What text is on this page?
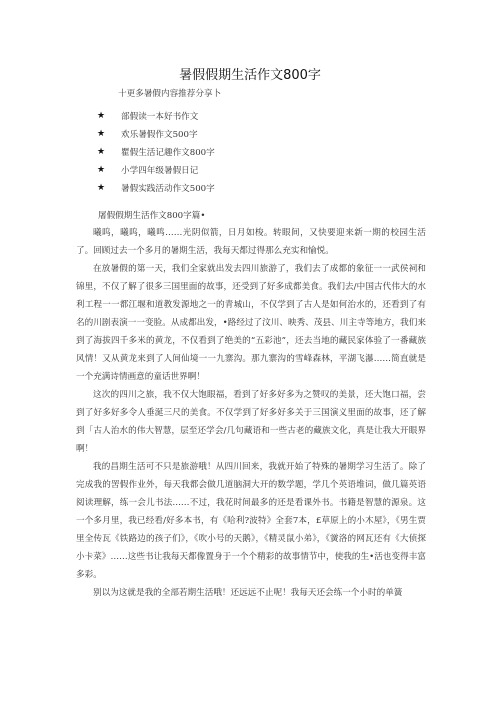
暑假假期生活作文800字
十更多暑假内容推荐分享卜
★	部假读一本好书作文
★	欢乐暑假作文500字
★	瞿假生活记趣作文800字
★	小学四年级暑假日记
★	暑假实践活动作文500字
屠假假期生活作文800字篇•

曦呜，曦呜，曦鸣……光阴似箭，日月如梭。转眼间，又快要迎来新一期的校园生活了。回顾过去一个多月的暑期生活，我每天都过得那么充实和愉悦。

在放暑假的第一天，我们全家就出发去四川旅游了，我们去了成都的象征一一武侯祠和锦里，不仅了解了很多三国里面的故事，还受到了好多成都美食。我们去/中国古代伟大的水利工程一一都江堰和道教发源地之一的青城山，不仅学到了古人是如何治水的，还看到了有名的川剧表演一一变脸。从成都出发，•路经过了汶川、映秀、茂县、川主寺等地方，我们来到了海拔四千多米的黄龙，不仅看到了绝美的“五彩池”，还去当地的藏民家体验了一番藏族风情！又从黄龙来到了人间仙境一一九寨沟。那九寨沟的雪峰森林，平湖飞瀑……简直就是一个充满诗情画意的童话世界啊！

这次的四川之旅，我不仅大饱眼福，看到了好多好多为之赞叹的美景，还大饱口福，尝到了好多好多令人垂涎三尺的美食。不仅学到了好多好多关于三国演义里面的故事，还了解到「古人治水的伟大智慧，层至还学会/几句藏语和一些古老的藏族文化，真是让我大开眼界啊！

我的昌期生活可不只是旅游哦！从四川回来，我就开始了特殊的暑期学习生活了。除了完成我的罟假作业外，每天我都会做几道脑洞大开的数学题，学几个英语堆词，做几篇英语阅读理解，练一会儿书法……不过，我花时间最多的还是看课外书。书籍是智慧的源泉。这一个多月里，我已经看/好多本书，有《哈利?波特》全套7本，£草原上的小木屋》，《男生贾里全传瓦《铁路边的孩子们》，《吹小号的天鹅》，《精灵鼠小弟》，《黉洛的网瓦还有《大侦探小卡菜》……这些书让我每天都像置身于一个个精彩的故事情节中，使我的生•活也变得丰富多彩。

别以为这就是我的全部若期生活哦！还远远不止呢！我每天还会练一个小时的单簧
